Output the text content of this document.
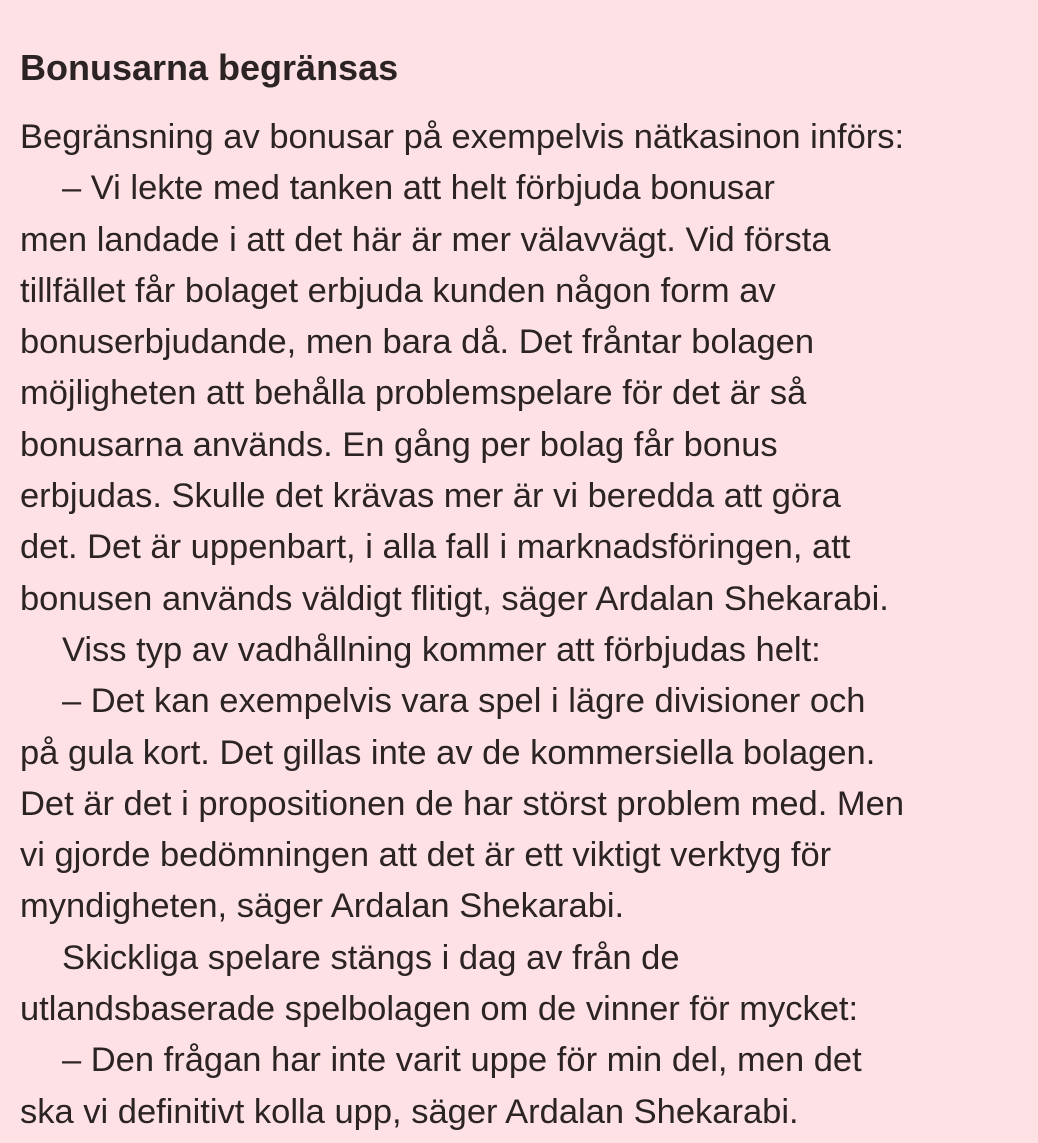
Bonusarna begränsas

Begränsning av bonusar på exempelvis nätkasinon införs:

– Vi lekte med tanken att helt förbjuda bonusar
men landade i att det här är mer välavvägt. Vid första
tillfället får bolaget erbjuda kunden någon form av
bonuserbjudande, men bara då. Det fråntar bolagen
möjligheten att behålla problemspelare för det är så
bonusarna används. En gång per bolag får bonus
erbjudas. Skulle det krävas mer är vi beredda att göra
det. Det är uppenbart, i alla fall i marknadsföringen, att
bonusen används väldigt flitigt, säger Ardalan Shekarabi.

Viss typ av vadhållning kommer att förbjudas helt:

– Det kan exempelvis vara spel i lägre divisioner och
på gula kort. Det gillas inte av de kommersiella bolagen.
Det är det i propositionen de har störst problem med. Men
vi gjorde bedömningen att det är ett viktigt verktyg för
myndigheten, säger Ardalan Shekarabi.

Skickliga spelare stängs i dag av från de
utlandsbaserade spelbolagen om de vinner för mycket:

– Den frågan har inte varit uppe för min del, men det
ska vi definitivt kolla upp, säger Ardalan Shekarabi.
